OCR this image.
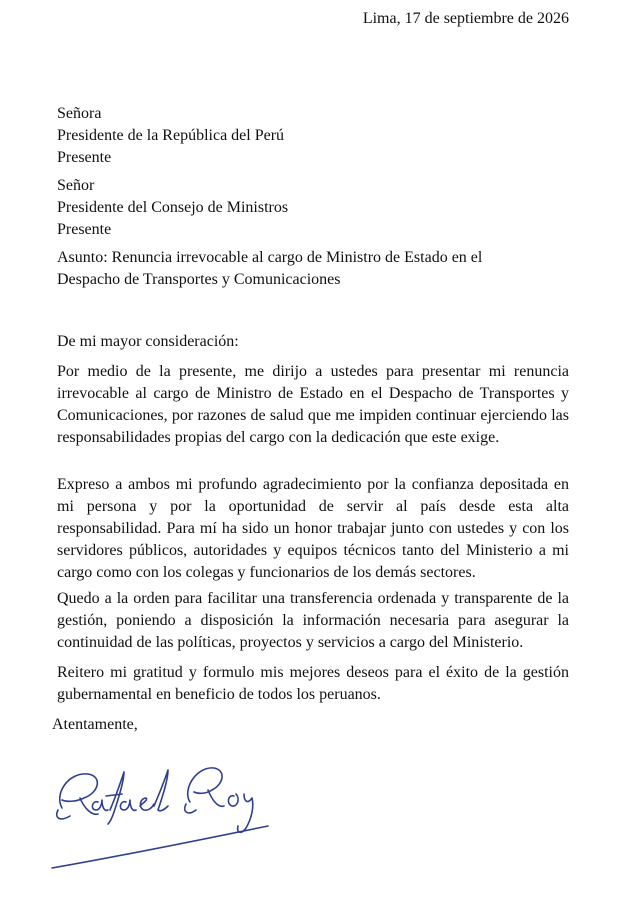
Lima, 17 de septiembre de 2026
Señora
Presidente de la República del Perú
Presente
Señor
Presidente del Consejo de Ministros
Presente
Asunto: Renuncia irrevocable al cargo de Ministro de Estado en el
Despacho de Transportes y Comunicaciones

De mi mayor consideración:

Por medio de la presente, me dirijo a ustedes para presentar mi renuncia irrevocable al cargo de Ministro de Estado en el Despacho de Transportes y Comunicaciones, por razones de salud que me impiden continuar ejerciendo las responsabilidades propias del cargo con la dedicación que este exige.

Expreso a ambos mi profundo agradecimiento por la confianza depositada en mi persona y por la oportunidad de servir al país desde esta alta responsabilidad. Para mí ha sido un honor trabajar junto con ustedes y con los servidores públicos, autoridades y equipos técnicos tanto del Ministerio a mi cargo como con los colegas y funcionarios de los demás sectores.

Quedo a la orden para facilitar una transferencia ordenada y transparente de la gestión, poniendo a disposición la información necesaria para asegurar la continuidad de las políticas, proyectos y servicios a cargo del Ministerio.

Reitero mi gratitud y formulo mis mejores deseos para el éxito de la gestión gubernamental en beneficio de todos los peruanos.

Atentamente,
